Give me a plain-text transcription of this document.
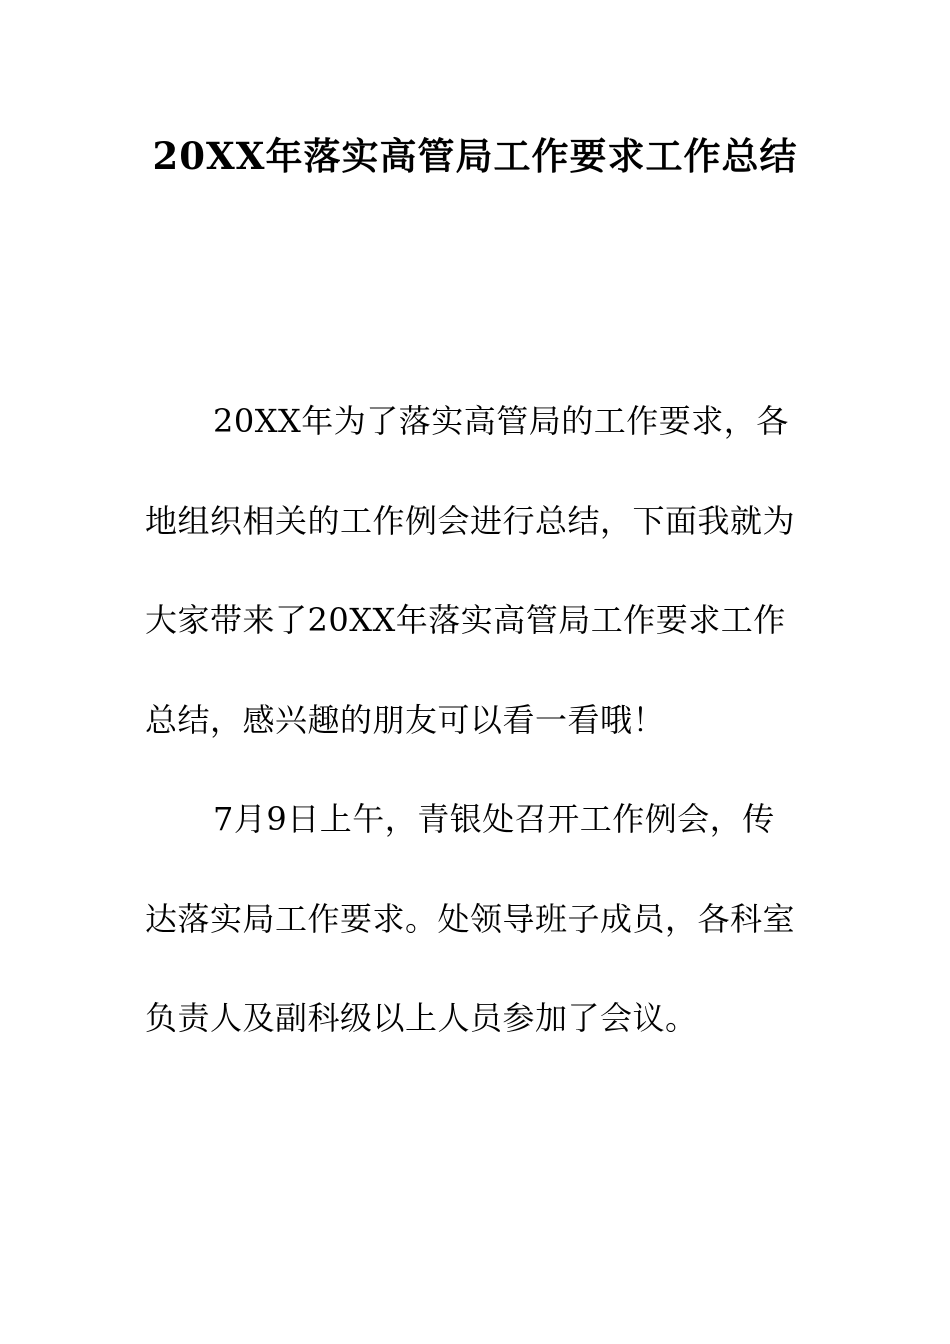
20XX年落实高管局工作要求工作总结

20XX年为了落实高管局的工作要求，各地组织相关的工作例会进行总结，下面我就为大家带来了20XX年落实高管局工作要求工作总结，感兴趣的朋友可以看一看哦！

7月9日上午，青银处召开工作例会，传达落实局工作要求。处领导班子成员，各科室负责人及副科级以上人员参加了会议。
